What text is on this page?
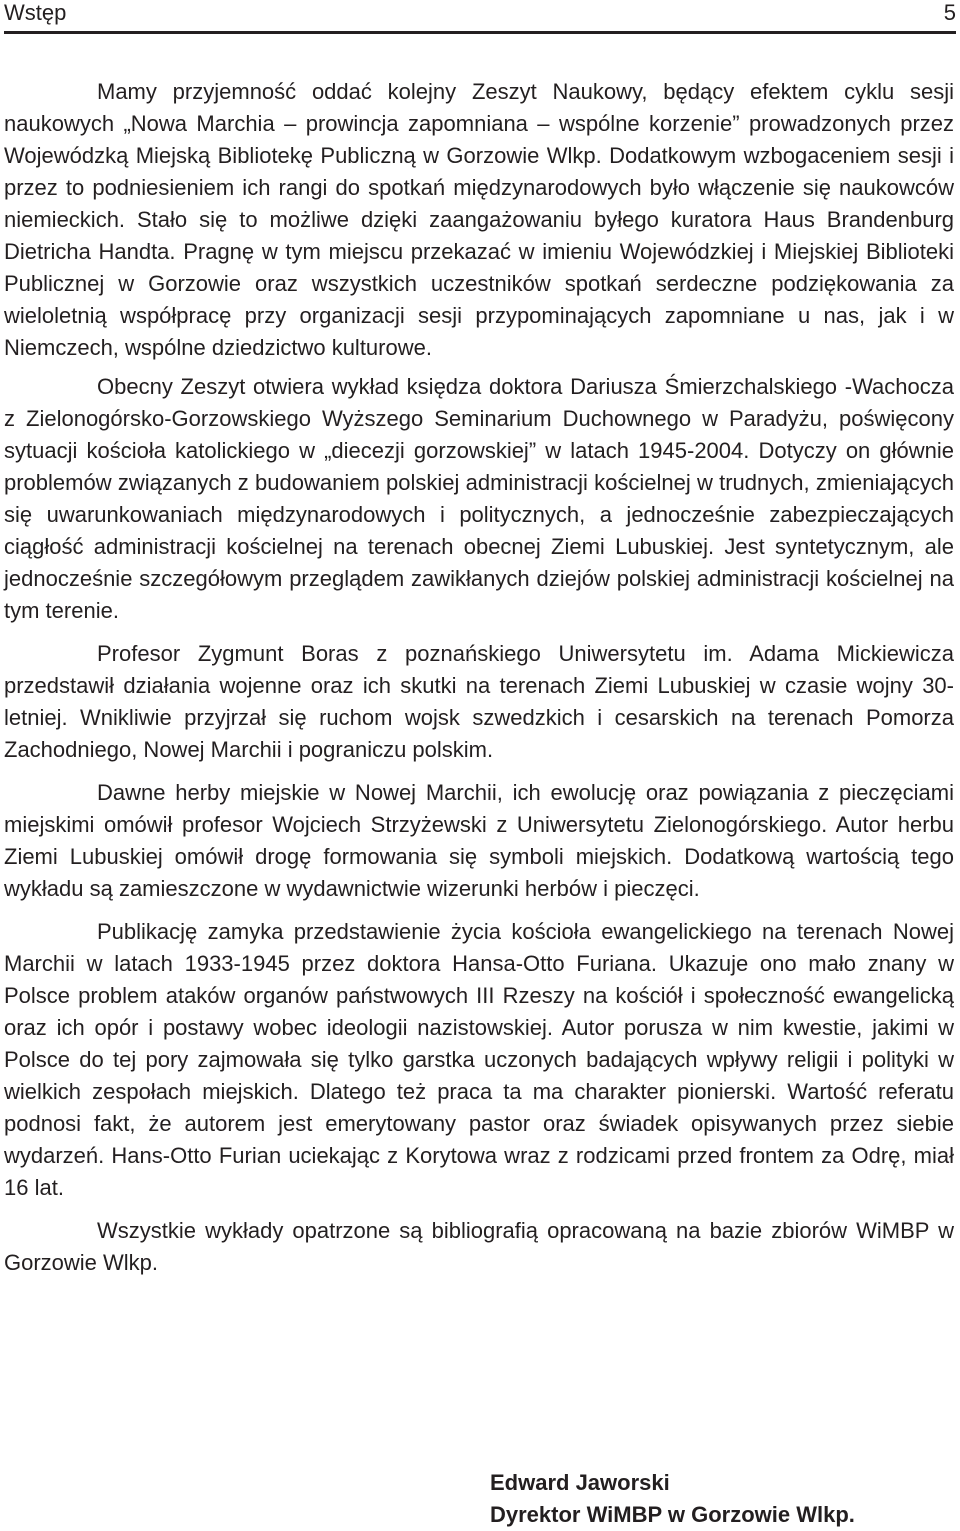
Wstęp	5

Mamy przyjemność oddać kolejny Zeszyt Naukowy, będący efektem cyklu sesji naukowych „Nowa Marchia – prowincja zapomniana – wspólne korzenie” prowadzonych przez Wojewódzką Miejską Bibliotekę Publiczną w Gorzowie Wlkp. Dodatkowym wzbogaceniem sesji i przez to podniesieniem ich rangi do spotkań międzynarodowych było włączenie się naukowców niemieckich. Stało się to możliwe dzięki zaangażowaniu byłego kuratora Haus Brandenburg Dietricha Handta. Pragnę w tym miejscu przekazać w imieniu Wojewódzkiej i Miejskiej Biblioteki Publicznej w Gorzowie oraz wszystkich uczestników spotkań serdeczne podziękowania za wieloletnią współpracę przy organizacji sesji przypominających zapomniane u nas, jak i w Niemczech, wspólne dziedzictwo kulturowe.

Obecny Zeszyt otwiera wykład księdza doktora Dariusza Śmierzchalskiego -Wachocza z Zielonogórsko-Gorzowskiego Wyższego Seminarium Duchownego w Paradyżu, poświęcony sytuacji kościoła katolickiego w „diecezji gorzowskiej” w latach 1945-2004. Dotyczy on głównie problemów związanych z budowaniem polskiej administracji kościelnej w trudnych, zmieniających się uwarunkowaniach międzynarodowych i politycznych, a jednocześnie zabezpieczających ciągłość administracji kościelnej na terenach obecnej Ziemi Lubuskiej. Jest syntetycznym, ale jednocześnie szczegółowym przeglądem zawikłanych dziejów polskiej administracji kościelnej na tym terenie.

Profesor Zygmunt Boras z poznańskiego Uniwersytetu im. Adama Mickiewicza przedstawił działania wojenne oraz ich skutki na terenach Ziemi Lubuskiej w czasie wojny 30-letniej. Wnikliwie przyjrzał się ruchom wojsk szwedzkich i cesarskich na terenach Pomorza Zachodniego, Nowej Marchii i pograniczu polskim.

Dawne herby miejskie w Nowej Marchii, ich ewolucję oraz powiązania z pieczęciami miejskimi omówił profesor Wojciech Strzyżewski z Uniwersytetu Zielonogórskiego. Autor herbu Ziemi Lubuskiej omówił drogę formowania się symboli miejskich. Dodatkową wartością tego wykładu są zamieszczone w wydawnictwie wizerunki herbów i pieczęci.

Publikację zamyka przedstawienie życia kościoła ewangelickiego na terenach Nowej Marchii w latach 1933-1945 przez doktora Hansa-Otto Furiana. Ukazuje ono mało znany w Polsce problem ataków organów państwowych III Rzeszy na kościół i społeczność ewangelicką oraz ich opór i postawy wobec ideologii nazistowskiej. Autor porusza w nim kwestie, jakimi w Polsce do tej pory zajmowała się tylko garstka uczonych badających wpływy religii i polityki w wielkich zespołach miejskich. Dlatego też praca ta ma charakter pionierski. Wartość referatu podnosi fakt, że autorem jest emerytowany pastor oraz świadek opisywanych przez siebie wydarzeń. Hans-Otto Furian uciekając z Korytowa wraz z rodzicami przed frontem za Odrę, miał 16 lat.

Wszystkie wykłady opatrzone są bibliografią opracowaną na bazie zbiorów WiMBP w Gorzowie Wlkp.

Edward Jaworski
Dyrektor WiMBP w Gorzowie Wlkp.
